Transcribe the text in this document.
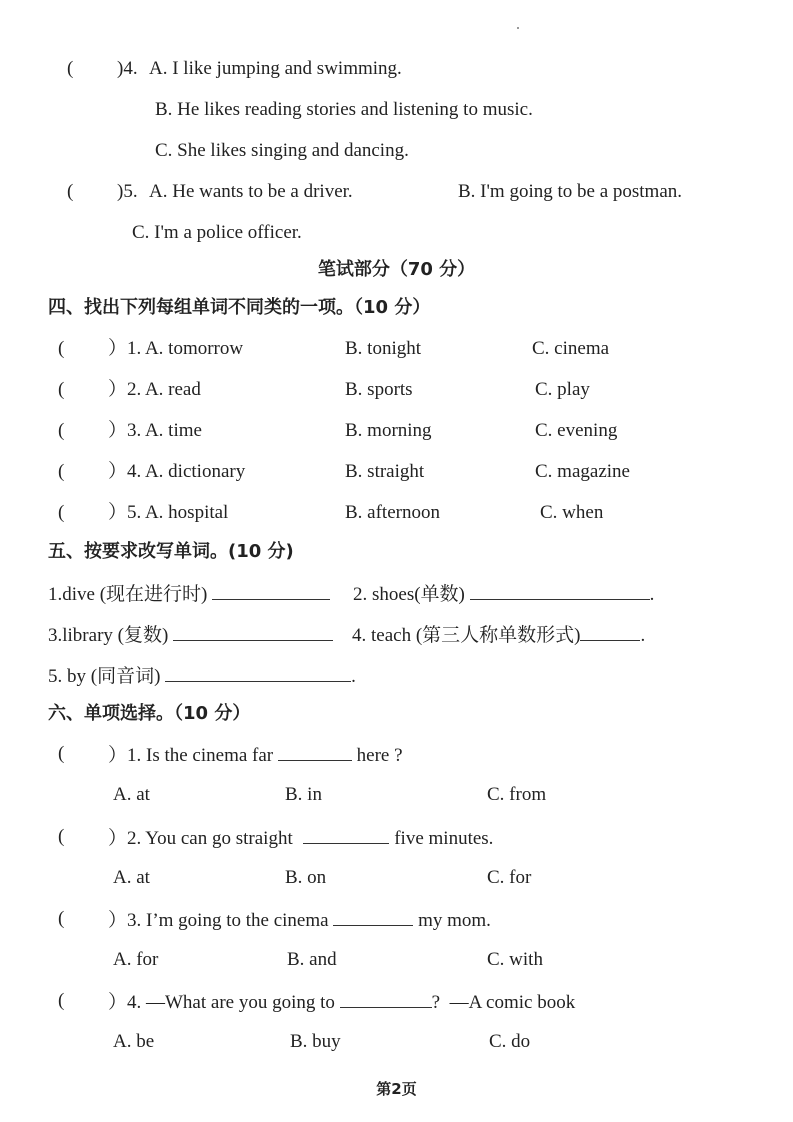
( )4. A. I like jumping and swimming.
B. He likes reading stories and listening to music.
C. She likes singing and dancing.
( )5. A. He wants to be a driver.	B. I'm going to be a postman.
C. I'm a police officer.
笔试部分（70 分）
四、找出下列每组单词不同类的一项。（10 分）
( ）1. A. tomorrow	B. tonight	C. cinema
( ）2. A. read	B. sports	C. play
( ）3. A. time	B. morning	C. evening
( ）4. A. dictionary	B. straight	C. magazine
( ）5. A. hospital	B. afternoon	C. when
五、按要求改写单词。(10 分)
1.dive (现在进行时)	2. shoes(单数)	.
3.library (复数)	4. teach (第三人称单数形式)	.
5. by (同音词)	.
六、单项选择。（10 分）
( ）1. Is the cinema far	here ?
A. at	B. in	C. from
( ）2. You can go straight	five minutes.
A. at	B. on	C. for
( ）3. I’m going to the cinema	my mom.
A. for	B. and	C. with
( ）4. —What are you going to	? —A comic book
A. be	B. buy	C. do
第2页
